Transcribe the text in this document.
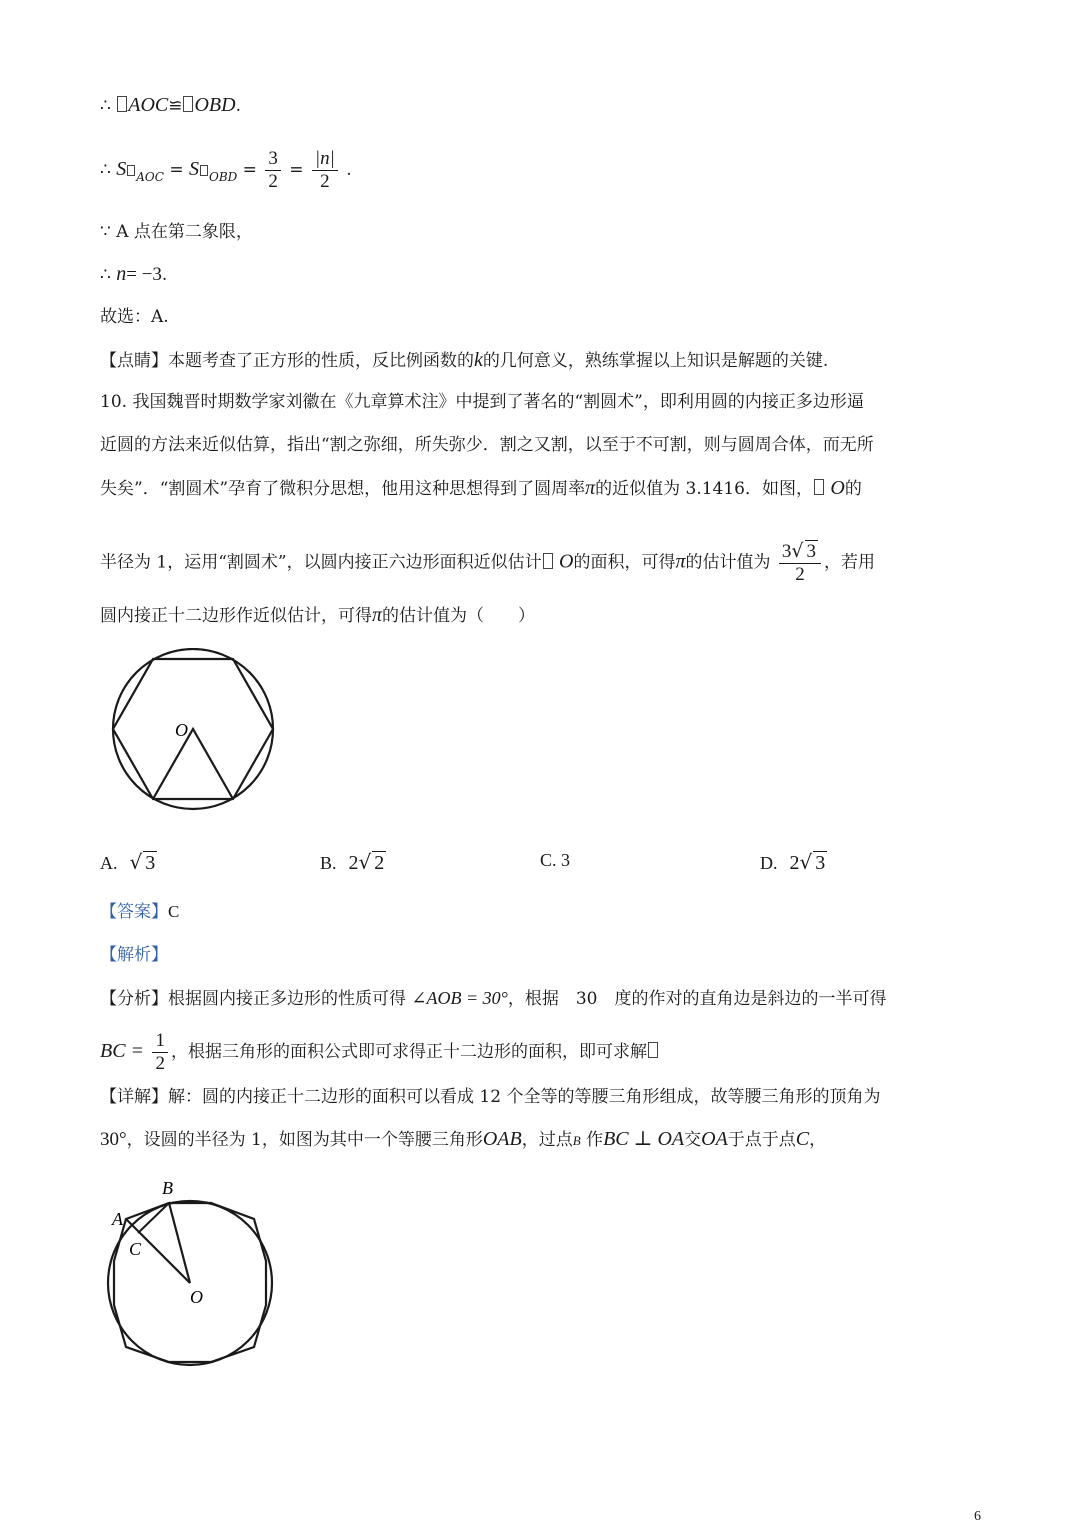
∴ AOC≌ OBD.
∴ S $_{AOC}$ = S $_{OBD} = \frac{3}{2} = \frac{|n|}{2}$ .
∵ A 点在第二象限，
∴ n= −3.
故选：A.
【点睛】本题考查了正方形的性质，反比例函数的k的几何意义，熟练掌握以上知识是解题的关键.
10. 我国魏晋时期数学家刘徽在《九章算术注》中提到了著名的“割圆术”，即利用圆的内接正多边形逼
近圆的方法来近似估算，指出“割之弥细，所失弥少．割之又割，以至于不可割，则与圆周合体，而无所
失矣”．“割圆术”孕育了微积分思想，他用这种思想得到了圆周率π的近似值为 3.1416．如图， O的
半径为 1，运用“割圆术”，以圆内接正六边形面积近似估计 O的面积，可得π的估计值为 $\frac{3√ 3}{2}$ ，若用
圆内接正十二边形作近似估计，可得π的估计值为（　　）
O
A. √ 3	B. 2√ 2	C. 3	D. 2√ 3
【答案】C
【解析】
【分析】根据圆内接正多边形的性质可得 ∠AOB = 30°，根据　30　度的作对的直角边是斜边的一半可得
BC = $\frac{1}{2}$ ，根据三角形的面积公式即可求得正十二边形的面积，即可求解
【详解】解：圆的内接正十二边形的面积可以看成 12 个全等的等腰三角形组成，故等腰三角形的顶角为
30°，设圆的半径为 1，如图为其中一个等腰三角形OAB，过点B 作BC ⊥ OA交OA于点于点C，
A
B
C
O
6
